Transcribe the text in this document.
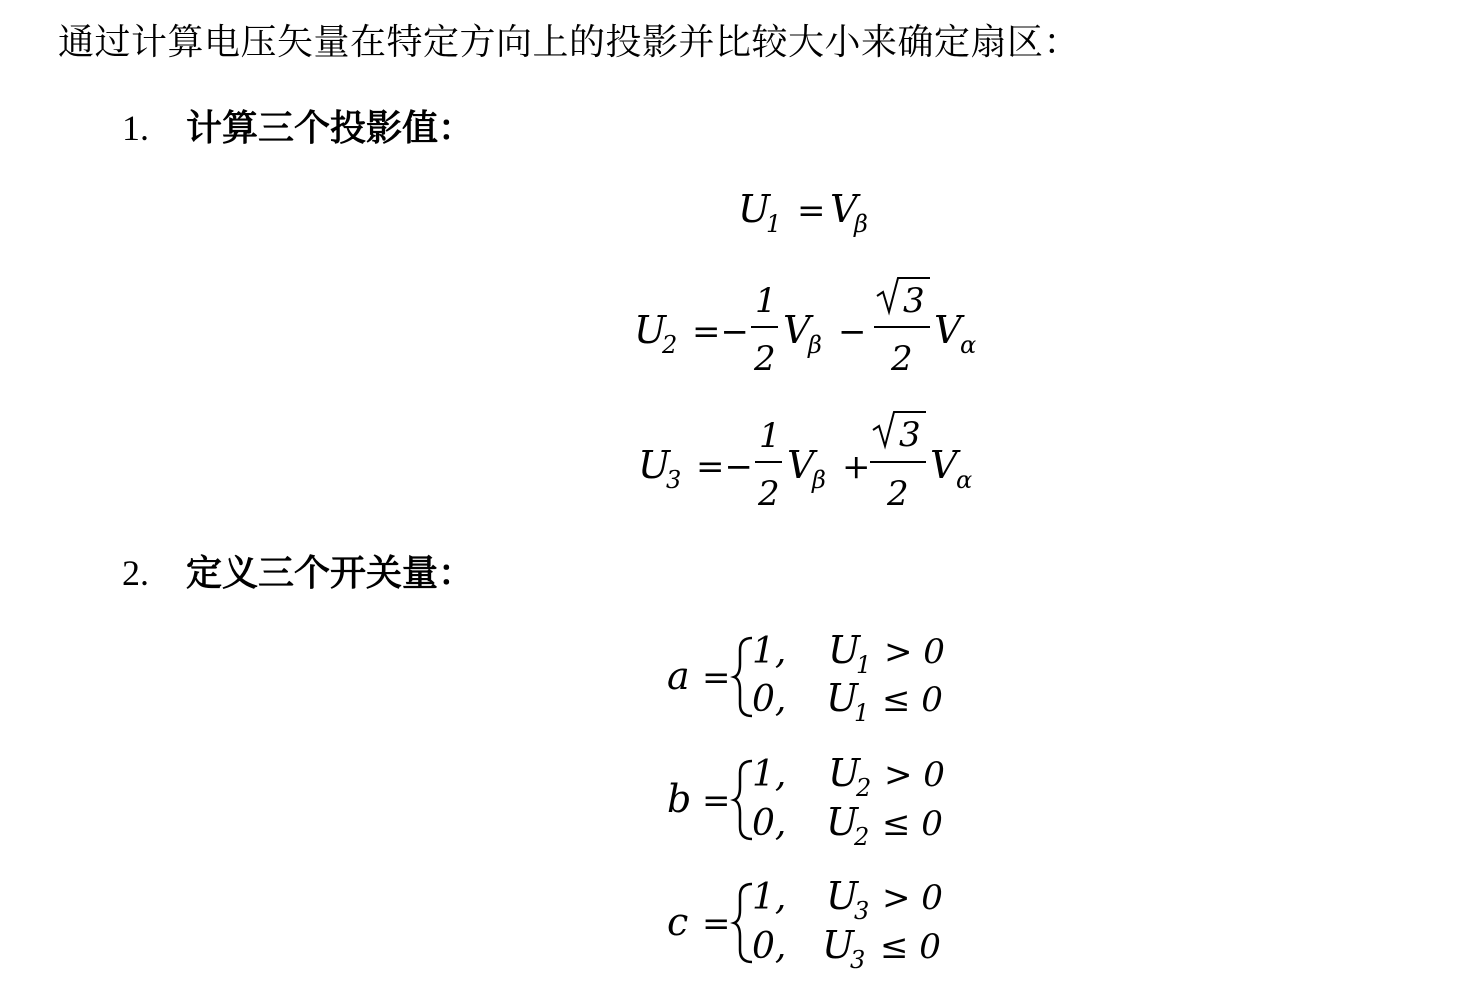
通过计算电压矢量在特定方向上的投影并比较大小来确定扇区：
1. 计算三个投影值：
2. 定义三个开关量：
U
1 = V
β
U
2 =−
1
2
V
β −
3
2
V
α
U
3 =−
1
2
V
β +
3
2
V
α
a =
1, U
1 > 0
0, U
1 ≤ 0
b =
1, U
2 > 0
0, U
2 ≤ 0
c =
1, U
3 > 0
0, U
3 ≤ 0
